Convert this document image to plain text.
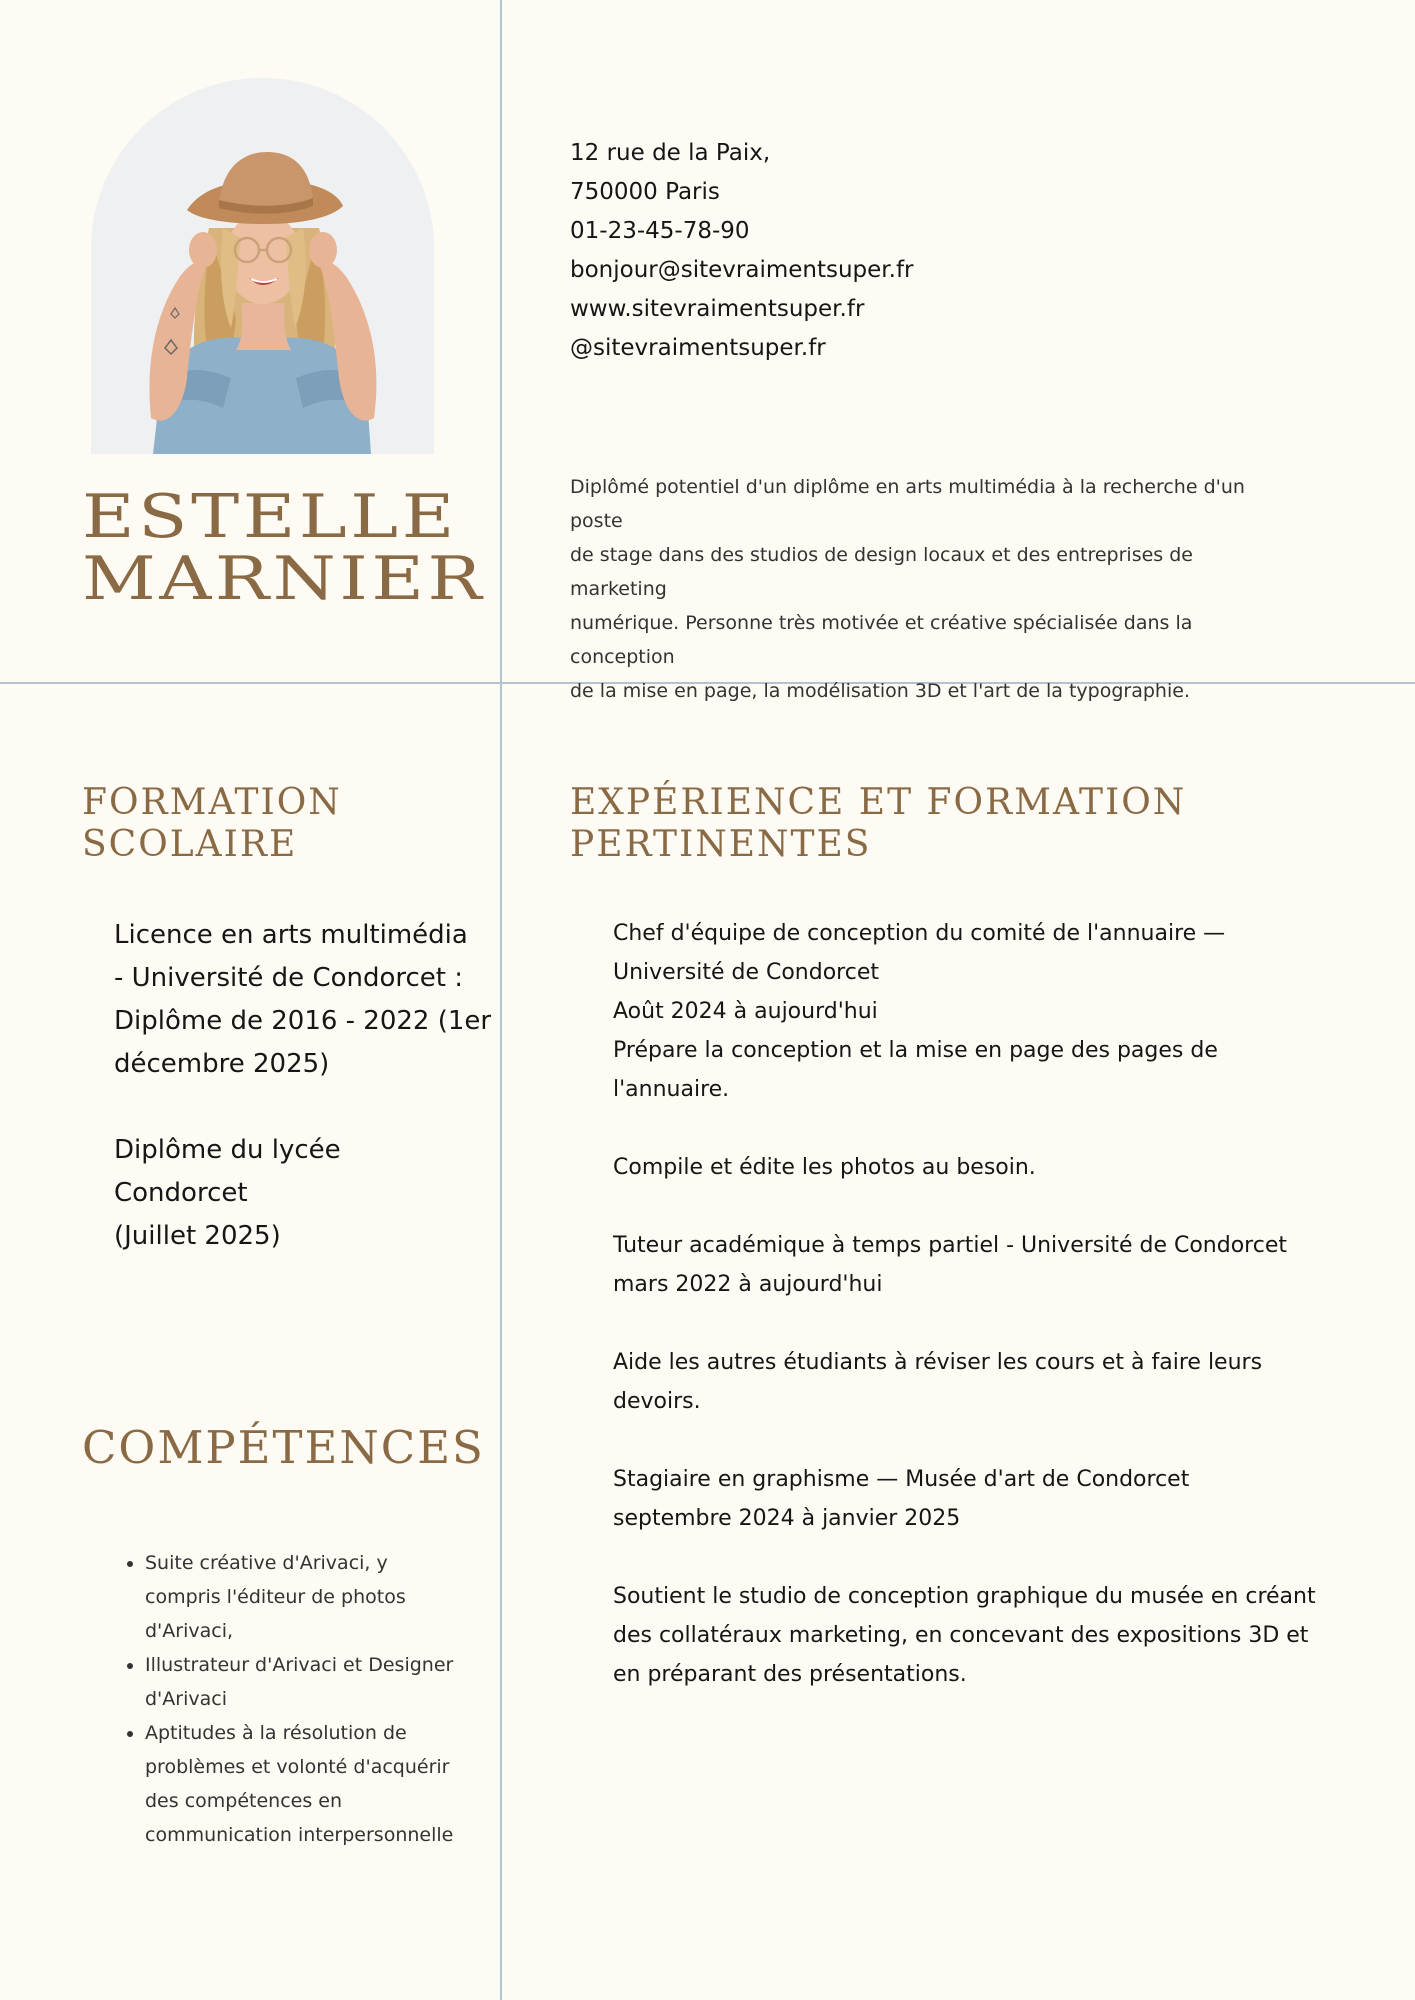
ESTELLE
MARNIER
12 rue de la Paix,
750000 Paris
01-23-45-78-90
bonjour@sitevraimentsuper.fr
www.sitevraimentsuper.fr
@sitevraimentsuper.fr
Diplômé potentiel d'un diplôme en arts multimédia à la recherche d'un poste
de stage dans des studios de design locaux et des entreprises de marketing
numérique. Personne très motivée et créative spécialisée dans la conception
de la mise en page, la modélisation 3D et l'art de la typographie.
FORMATION
SCOLAIRE
Licence en arts multimédia
- Université de Condorcet :
Diplôme de 2016 - 2022 (1er
décembre 2025)
Diplôme du lycée
Condorcet
(Juillet 2025)
COMPÉTENCES
• Suite créative d'Arivaci, y
compris l'éditeur de photos
d'Arivaci,
• Illustrateur d'Arivaci et Designer
d'Arivaci
• Aptitudes à la résolution de
problèmes et volonté d'acquérir
des compétences en
communication interpersonnelle
EXPÉRIENCE ET FORMATION
PERTINENTES
Chef d'équipe de conception du comité de l'annuaire —
Université de Condorcet
Août 2024 à aujourd'hui
Prépare la conception et la mise en page des pages de
l'annuaire.
Compile et édite les photos au besoin.
Tuteur académique à temps partiel - Université de Condorcet
mars 2022 à aujourd'hui
Aide les autres étudiants à réviser les cours et à faire leurs
devoirs.
Stagiaire en graphisme — Musée d'art de Condorcet
septembre 2024 à janvier 2025
Soutient le studio de conception graphique du musée en créant
des collatéraux marketing, en concevant des expositions 3D et
en préparant des présentations.
